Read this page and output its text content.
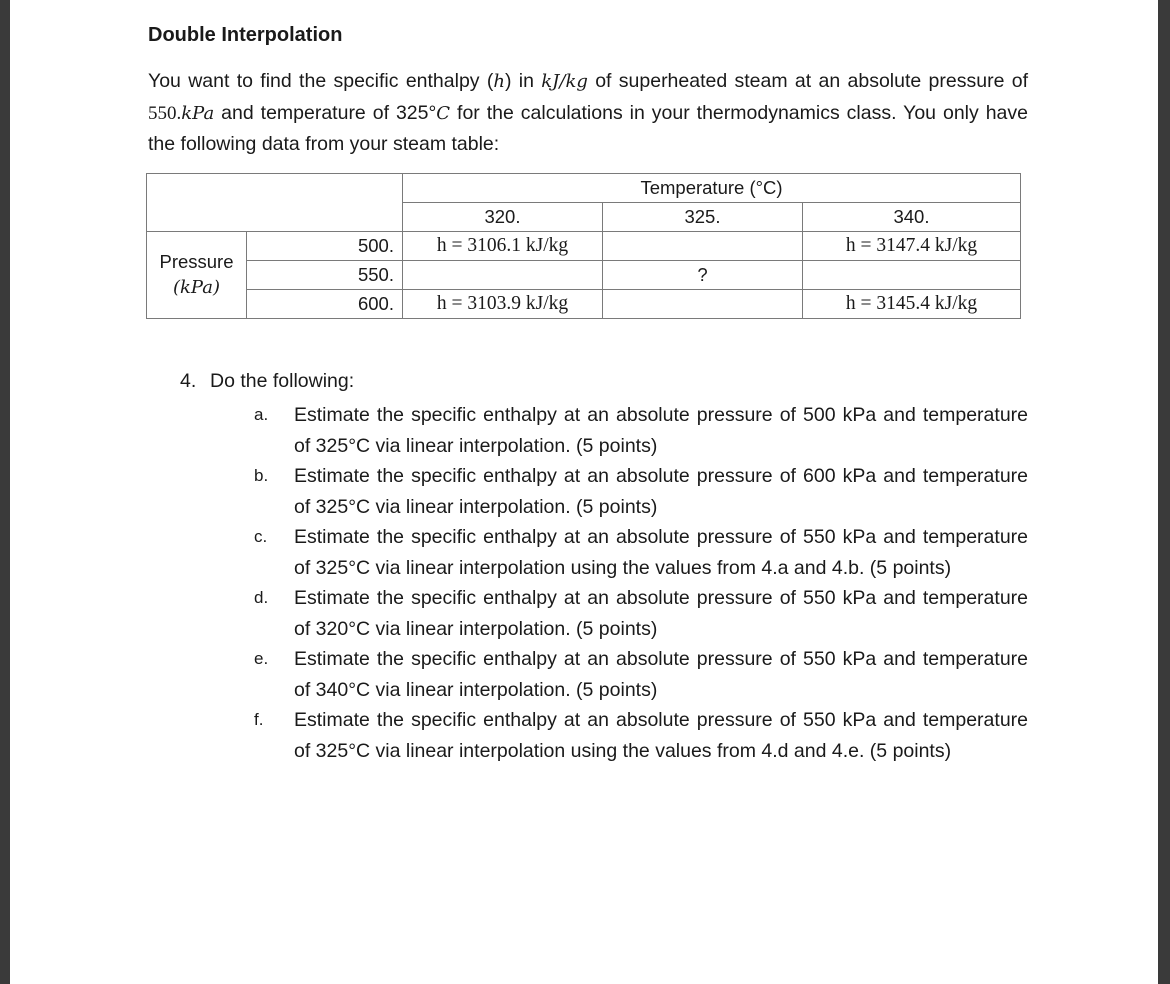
Double Interpolation

You want to find the specific enthalpy (h) in kJ/kg of superheated steam at an absolute pressure of 550.kPa and temperature of 325°C for the calculations in your thermodynamics class. You only have the following data from your steam table:

		Temperature (°C)		
		320.	325.	340.

Pressure
(kPa)	500.	h = 3106.1 kJ/kg		h = 3147.4 kJ/kg
	550.		?	
	600.	h = 3103.9 kJ/kg		h = 3145.4 kJ/kg
4. Do the following:
a.	Estimate the specific enthalpy at an absolute pressure of 500 kPa and temperature of 325°C via linear interpolation. (5 points)
b.	Estimate the specific enthalpy at an absolute pressure of 600 kPa and temperature of 325°C via linear interpolation. (5 points)
c.	Estimate the specific enthalpy at an absolute pressure of 550 kPa and temperature of 325°C via linear interpolation using the values from 4.a and 4.b. (5 points)
d.	Estimate the specific enthalpy at an absolute pressure of 550 kPa and temperature of 320°C via linear interpolation. (5 points)
e.	Estimate the specific enthalpy at an absolute pressure of 550 kPa and temperature of 340°C via linear interpolation. (5 points)
f.	Estimate the specific enthalpy at an absolute pressure of 550 kPa and temperature of 325°C via linear interpolation using the values from 4.d and 4.e. (5 points)
